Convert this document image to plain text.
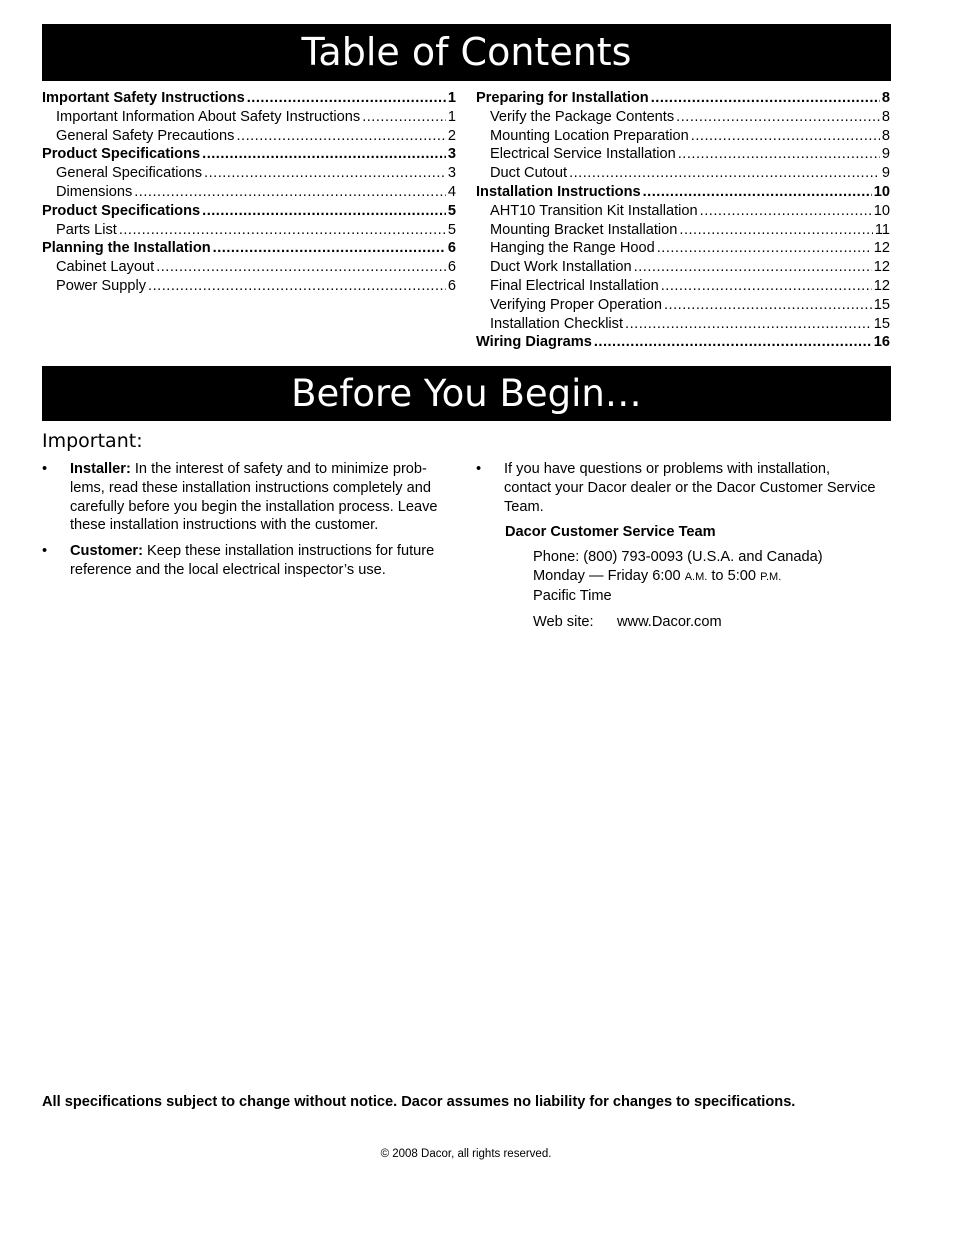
Table of Contents
Important Safety Instructions .....	1
Important Information About Safety Instructions .....	1
General Safety Precautions .....	2
Product Specifications .....	3
General Specifications .....	3
Dimensions .....	4
Product Specifications .....	5
Parts List .....	5
Planning the Installation .....	6
Cabinet Layout .....	6
Power Supply .....	6
Preparing for Installation .....	8
Verify the Package Contents .....	8
Mounting Location Preparation .....	8
Electrical Service Installation .....	9
Duct Cutout .....	9
Installation Instructions .....	10
AHT10 Transition Kit Installation .....	10
Mounting Bracket Installation .....	11
Hanging the Range Hood .....	12
Duct Work Installation .....	12
Final Electrical Installation .....	12
Verifying Proper Operation .....	15
Installation Checklist .....	15
Wiring Diagrams .....	16
Before You Begin…
Important:
•	Installer: In the interest of safety and to minimize prob-lems, read these installation instructions completely and carefully before you begin the installation process. Leave these installation instructions with the customer.
•	Customer: Keep these installation instructions for future reference and the local electrical inspector’s use.
•	If you have questions or problems with installation, contact your Dacor dealer or the Dacor Customer Service Team.
Dacor Customer Service Team
Phone: (800) 793-0093 (U.S.A. and Canada)
Monday — Friday 6:00 A.M. to 5:00 P.M.
Pacific Time
Web site: www.Dacor.com
All specifications subject to change without notice. Dacor assumes no liability for changes to specifications.
© 2008 Dacor, all rights reserved.
